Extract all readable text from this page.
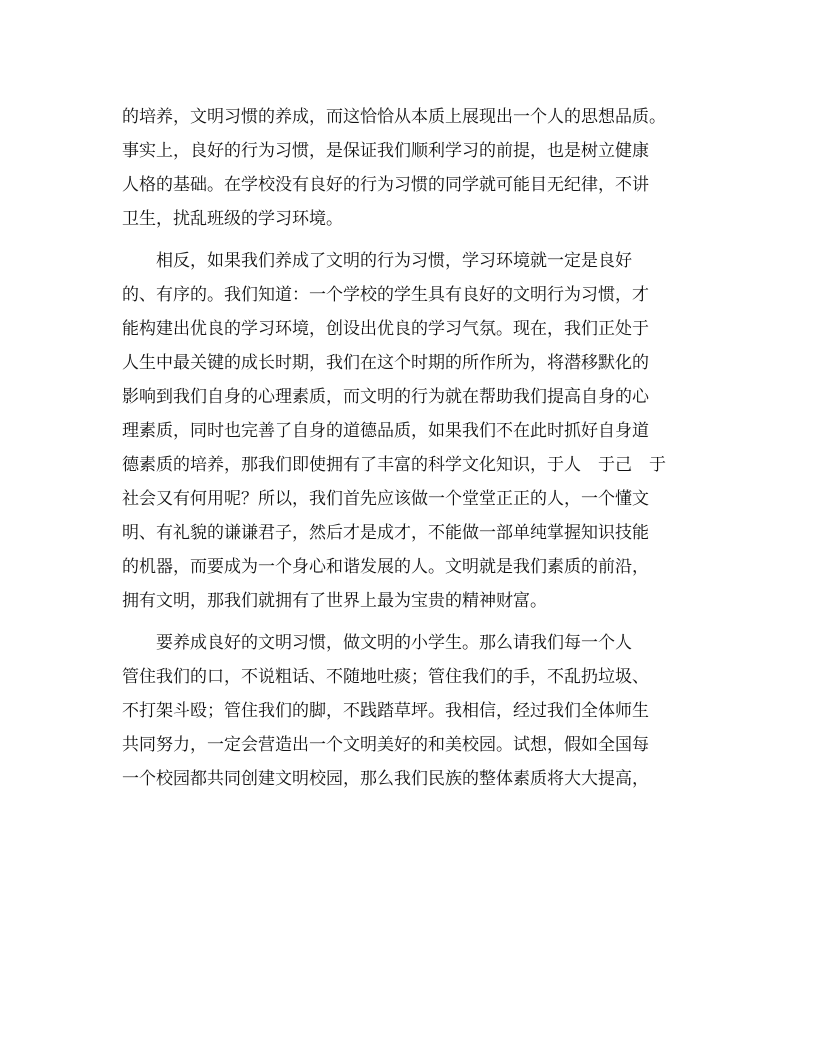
的培养，文明习惯的养成，而这恰恰从本质上展现出一个人的思想品质。
事实上，良好的行为习惯，是保证我们顺利学习的前提，也是树立健康
人格的基础。在学校没有良好的行为习惯的同学就可能目无纪律，不讲
卫生，扰乱班级的学习环境。
　　相反，如果我们养成了文明的行为习惯，学习环境就一定是良好
的、有序的。我们知道：一个学校的学生具有良好的文明行为习惯，才
能构建出优良的学习环境，创设出优良的学习气氛。现在，我们正处于
人生中最关键的成长时期，我们在这个时期的所作所为，将潜移默化的
影响到我们自身的心理素质，而文明的行为就在帮助我们提高自身的心
理素质，同时也完善了自身的道德品质，如果我们不在此时抓好自身道
德素质的培养，那我们即使拥有了丰富的科学文化知识，于人　于己　于
社会又有何用呢？所以，我们首先应该做一个堂堂正正的人，一个懂文
明、有礼貌的谦谦君子，然后才是成才，不能做一部单纯掌握知识技能
的机器，而要成为一个身心和谐发展的人。文明就是我们素质的前沿，
拥有文明，那我们就拥有了世界上最为宝贵的精神财富。
　　要养成良好的文明习惯，做文明的小学生。那么请我们每一个人
管住我们的口，不说粗话、不随地吐痰；管住我们的手，不乱扔垃圾、
不打架斗殴；管住我们的脚，不践踏草坪。我相信，经过我们全体师生
共同努力，一定会营造出一个文明美好的和美校园。试想，假如全国每
一个校园都共同创建文明校园，那么我们民族的整体素质将大大提高，
